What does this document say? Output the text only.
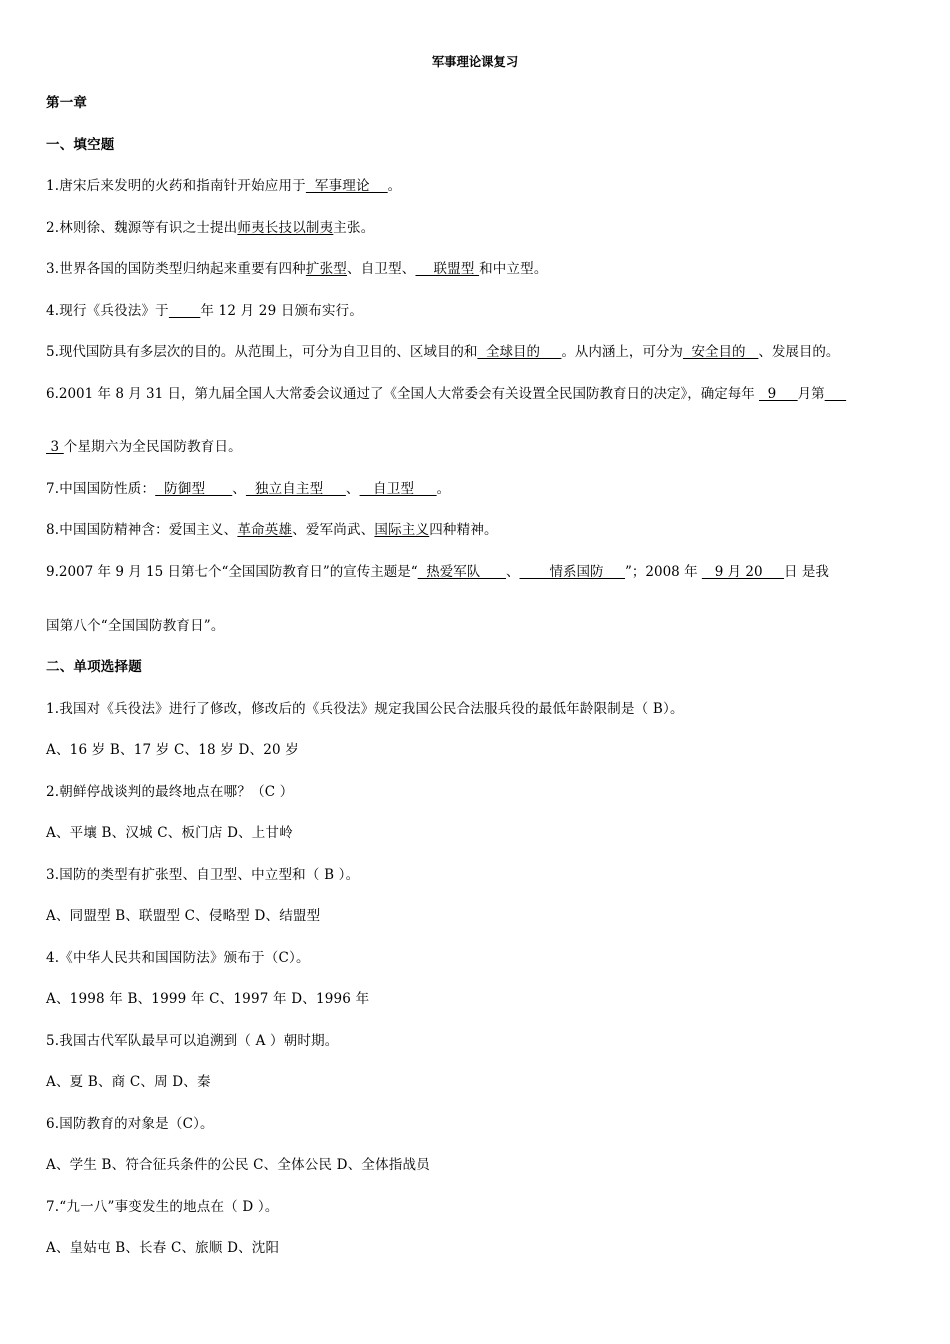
军事理论课复习
第一章
一、填空题
1.唐宋后来发明的火药和指南针开始应用于  军事理论    。
2.林则徐、魏源等有识之士提出师夷长技以制夷主张。
3.世界各国的国防类型归纳起来重要有四种扩张型、自卫型、    联盟型 和中立型。
4.现行《兵役法》于 年 12 月 29 日颁布实行。
5.现代国防具有多层次的目的。从范围上，可分为自卫目的、区域目的和  全球目的     。从内涵上，可分为  安全目的   、发展目的。
6.2001 年 8 月 31 日，第九届全国人大常委会议通过了《全国人大常委会有关设置全民国防教育日的决定》，确定每年   9     月第
3 个星期六为全民国防教育日。
7.中国国防性质：  防御型      、  独立自主型     、   自卫型     。
8.中国国防精神含：爱国主义、革命英雄、爱军尚武、国际主义四种精神。
9.2007 年 9 月 15 日第七个“全国国防教育日”的宣传主题是“  热爱军队      、       情系国防     ”；2008 年    9 月 20     日 是我
国第八个“全国国防教育日”。
二、单项选择题
1.我国对《兵役法》进行了修改，修改后的《兵役法》规定我国公民合法服兵役的最低年龄限制是（ B）。
A、16 岁 B、17 岁 C、18 岁 D、20 岁
2.朝鲜停战谈判的最终地点在哪？（C ）
A、平壤 B、汉城 C、板门店 D、上甘岭
3.国防的类型有扩张型、自卫型、中立型和（ B ）。
A、同盟型 B、联盟型 C、侵略型 D、结盟型
4.《中华人民共和国国防法》颁布于（C）。
A、1998 年 B、1999 年 C、1997 年 D、1996 年
5.我国古代军队最早可以追溯到（ A ）朝时期。
A、夏 B、商 C、周 D、秦
6.国防教育的对象是（C）。
A、学生 B、符合征兵条件的公民 C、全体公民 D、全体指战员
7.“九一八”事变发生的地点在（ D ）。
A、皇姑屯 B、长春 C、旅顺 D、沈阳
